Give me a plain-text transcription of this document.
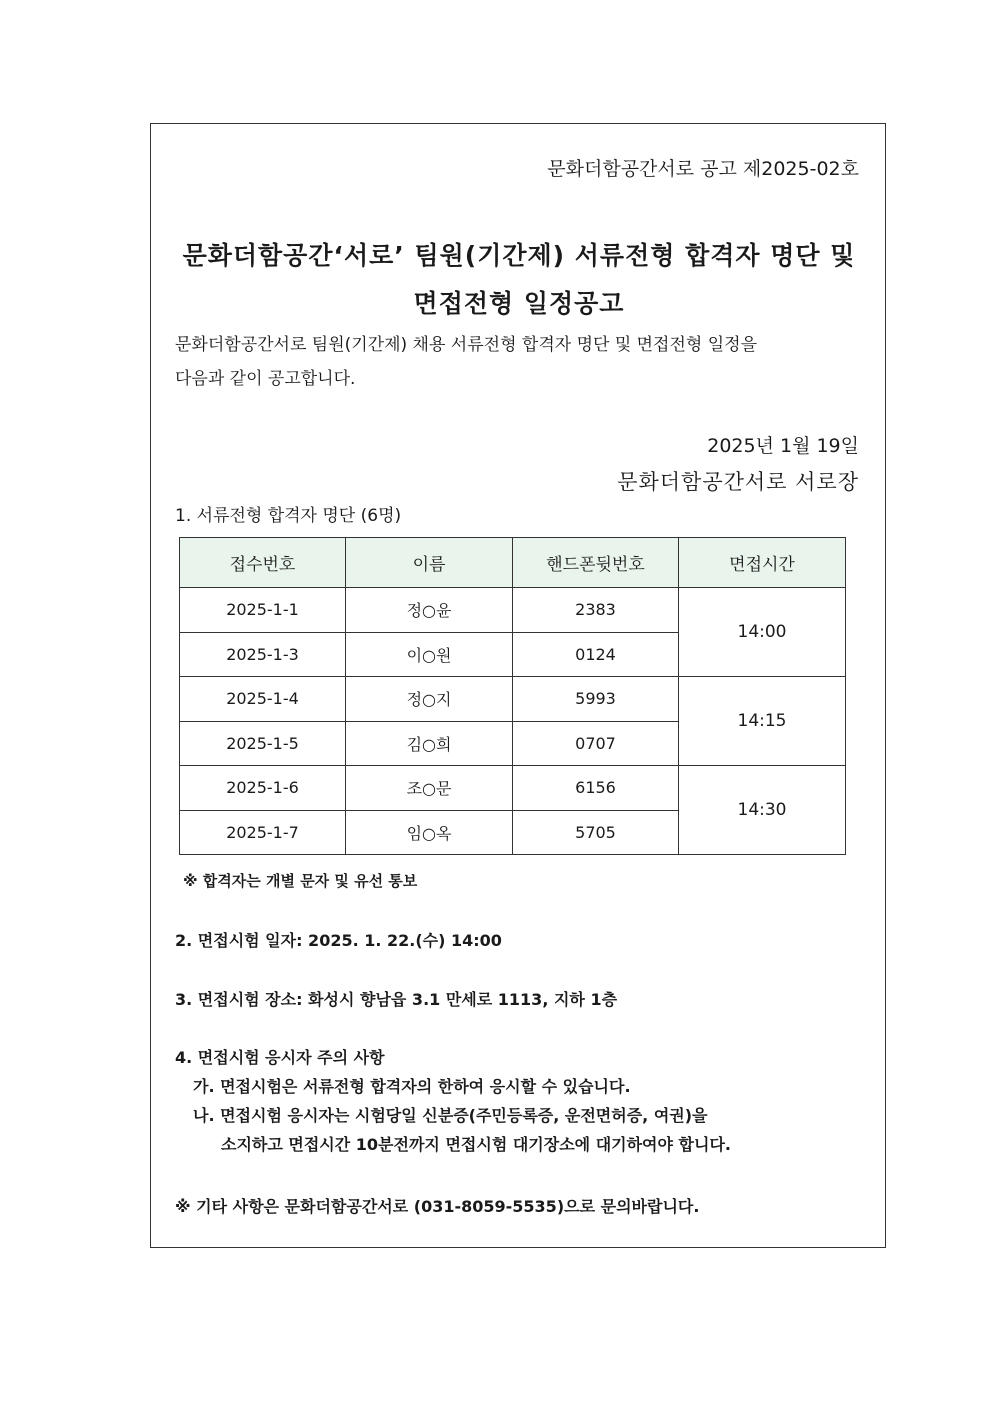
문화더함공간서로 공고 제2025-02호
문화더함공간‘서로’ 팀원(기간제) 서류전형 합격자 명단 및
면접전형 일정공고
문화더함공간서로 팀원(기간제) 채용 서류전형 합격자 명단 및 면접전형 일정을
다음과 같이 공고합니다.
2025년 1월 19일
문화더함공간서로 서로장
1. 서류전형 합격자 명단 (6명)
접수번호	이름	핸드폰뒷번호	면접시간
2025-1-1	정○윤	2383	14:00
2025-1-3	이○원	0124	
2025-1-4	정○지	5993	14:15
2025-1-5	김○희	0707	
2025-1-6	조○문	6156	14:30
2025-1-7	임○옥	5705	
※ 합격자는 개별 문자 및 유선 통보
2. 면접시험 일자: 2025. 1. 22.(수) 14:00
3. 면접시험 장소: 화성시 향남읍 3.1 만세로 1113, 지하 1층
4. 면접시험 응시자 주의 사항
가. 면접시험은 서류전형 합격자의 한하여 응시할 수 있습니다.
나. 면접시험 응시자는 시험당일 신분증(주민등록증, 운전면허증, 여권)을
소지하고 면접시간 10분전까지 면접시험 대기장소에 대기하여야 합니다.
※ 기타 사항은 문화더함공간서로 (031-8059-5535)으로 문의바랍니다.
